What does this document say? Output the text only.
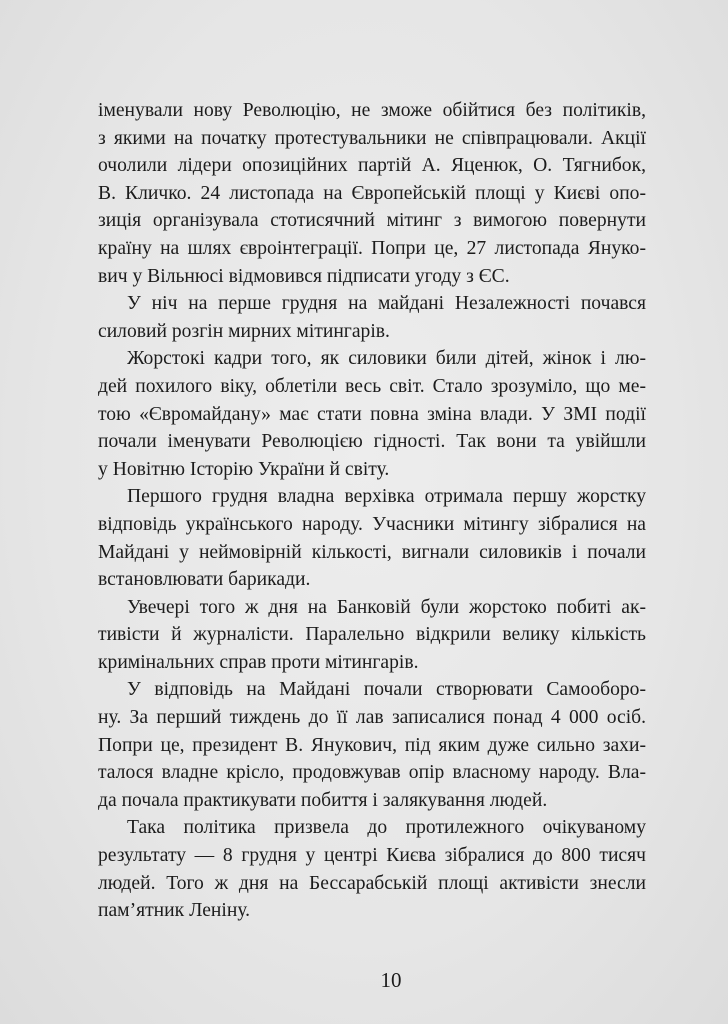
іменували нову Революцію, не зможе обійтися без політиків,
з якими на початку протестувальники не співпрацювали. Акції
очолили лідери опозиційних партій А. Яценюк, О. Тягнибок,
В. Кличко. 24 листопада на Європейській площі у Києві опо-
зиція організувала стотисячний мітинг з вимогою повернути
країну на шлях євроінтеграції. Попри це, 27 листопада Януко-
вич у Вільнюсі відмовився підписати угоду з ЄС.
У ніч на перше грудня на майдані Незалежності почався
силовий розгін мирних мітингарів.
Жорстокі кадри того, як силовики били дітей, жінок і лю-
дей похилого віку, облетіли весь світ. Стало зрозуміло, що ме-
тою «Євромайдану» має стати повна зміна влади. У ЗМІ події
почали іменувати Революцією гідності. Так вони та увійшли
у Новітню Історію України й світу.
Першого грудня владна верхівка отримала першу жорстку
відповідь українського народу. Учасники мітингу зібралися на
Майдані у неймовірній кількості, вигнали силовиків і почали
встановлювати барикади.
Увечері того ж дня на Банковій були жорстоко побиті ак-
тивісти й журналісти. Паралельно відкрили велику кількість
кримінальних справ проти мітингарів.
У відповідь на Майдані почали створювати Самооборо-
ну. За перший тиждень до її лав записалися понад 4 000 осіб.
Попри це, президент В. Янукович, під яким дуже сильно захи-
талося владне крісло, продовжував опір власному народу. Вла-
да почала практикувати побиття і залякування людей.
Така політика призвела до протилежного очікуваному
результату — 8 грудня у центрі Києва зібралися до 800 тисяч
людей. Того ж дня на Бессарабській площі активісти знесли
пам’ятник Леніну.
10
